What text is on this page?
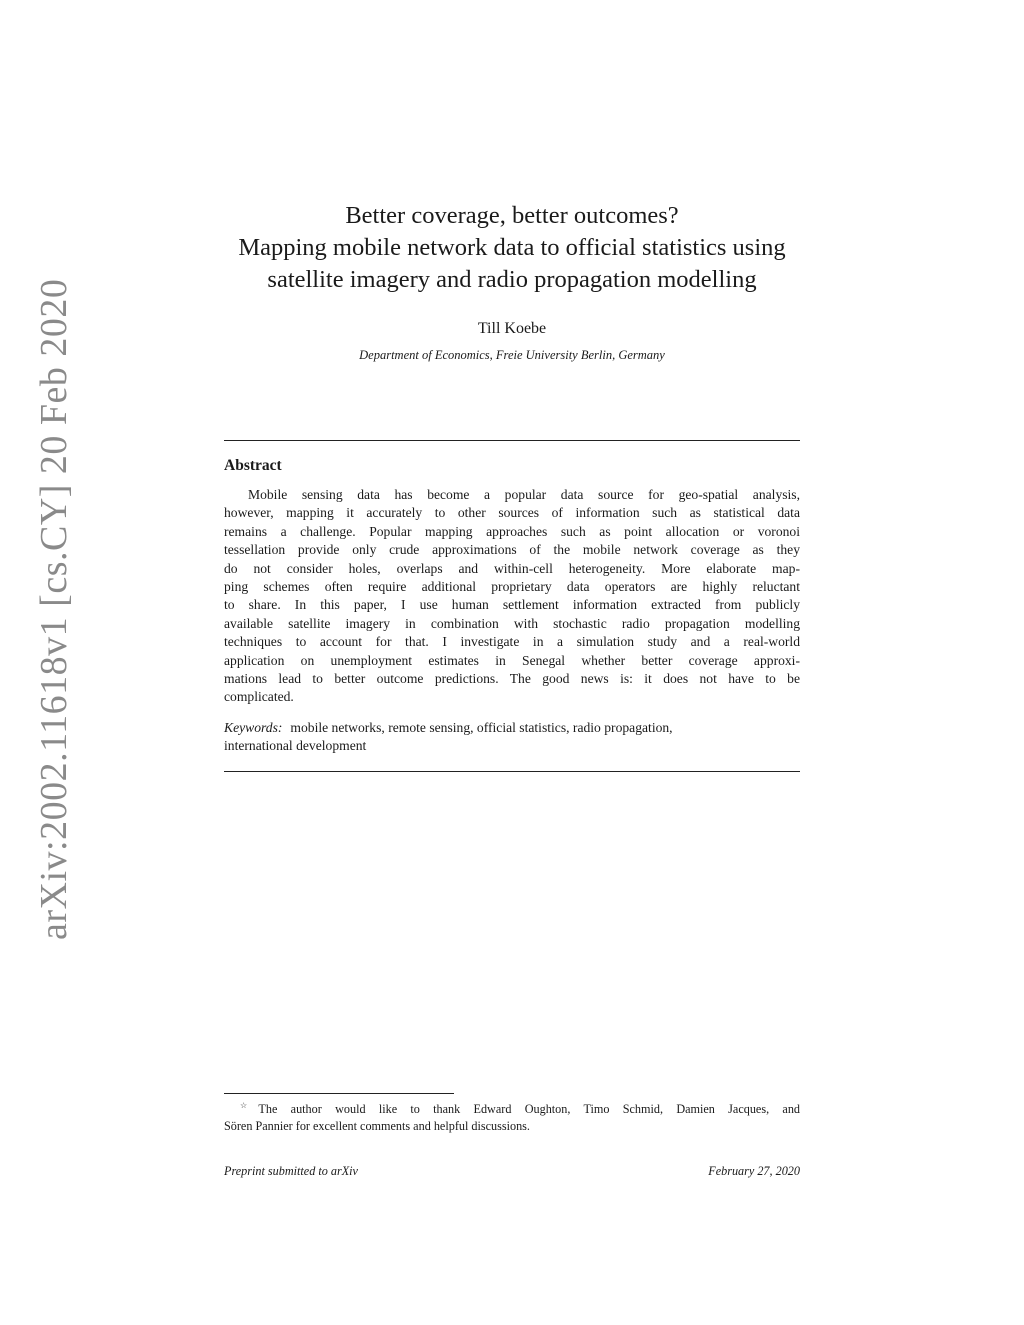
arXiv:2002.11618v1 [cs.CY] 20 Feb 2020
Better coverage, better outcomes?
Mapping mobile network data to official statistics using
satellite imagery and radio propagation modelling
Till Koebe
Department of Economics, Freie University Berlin, Germany
Abstract
Mobile sensing data has become a popular data source for geo-spatial analysis,
however, mapping it accurately to other sources of information such as statistical data
remains a challenge. Popular mapping approaches such as point allocation or voronoi
tessellation provide only crude approximations of the mobile network coverage as they
do not consider holes, overlaps and within-cell heterogeneity. More elaborate map-
ping schemes often require additional proprietary data operators are highly reluctant
to share. In this paper, I use human settlement information extracted from publicly
available satellite imagery in combination with stochastic radio propagation modelling
techniques to account for that. I investigate in a simulation study and a real-world
application on unemployment estimates in Senegal whether better coverage approxi-
mations lead to better outcome predictions. The good news is: it does not have to be
complicated.
Keywords: mobile networks, remote sensing, official statistics, radio propagation,
international development
☆The author would like to thank Edward Oughton, Timo Schmid, Damien Jacques, and
Sören Pannier for excellent comments and helpful discussions.
Preprint submitted to arXiv	February 27, 2020
